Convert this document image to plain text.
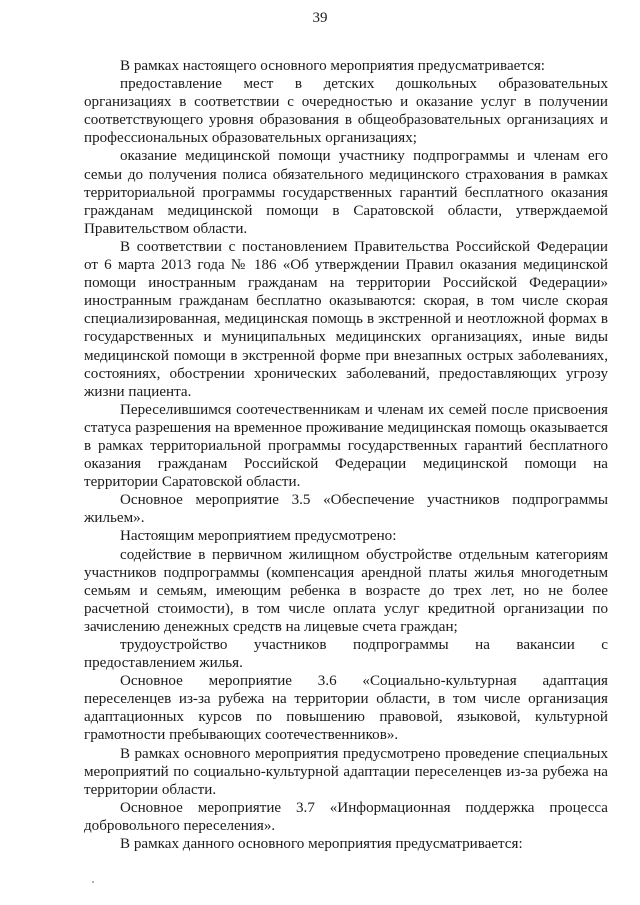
39

В рамках настоящего основного мероприятия предусматривается:

предоставление мест в детских дошкольных образовательных организациях в соответствии с очередностью и оказание услуг в получении соответствующего уровня образования в общеобразовательных организациях и профессиональных образовательных организациях;

оказание медицинской помощи участнику подпрограммы и членам его семьи до получения полиса обязательного медицинского страхования в рамках территориальной программы государственных гарантий бесплатного оказания гражданам медицинской помощи в Саратовской области, утверждаемой Правительством области.

В соответствии с постановлением Правительства Российской Федерации от 6 марта 2013 года № 186 «Об утверждении Правил оказания медицинской помощи иностранным гражданам на территории Российской Федерации» иностранным гражданам бесплатно оказываются: скорая, в том числе скорая специализированная, медицинская помощь в экстренной и неотложной формах в государственных и муниципальных медицинских организациях, иные виды медицинской помощи в экстренной форме при внезапных острых заболеваниях, состояниях, обострении хронических заболеваний, предоставляющих угрозу жизни пациента.

Переселившимся соотечественникам и членам их семей после присвоения статуса разрешения на временное проживание медицинская помощь оказывается в рамках территориальной программы государственных гарантий бесплатного оказания гражданам Российской Федерации медицинской помощи на территории Саратовской области.

Основное мероприятие 3.5 «Обеспечение участников подпрограммы жильем».

Настоящим мероприятием предусмотрено:

содействие в первичном жилищном обустройстве отдельным категориям участников подпрограммы (компенсация арендной платы жилья многодетным семьям и семьям, имеющим ребенка в возрасте до трех лет, но не более расчетной стоимости), в том числе оплата услуг кредитной организации по зачислению денежных средств на лицевые счета граждан;

трудоустройство участников подпрограммы на вакансии с предоставлением жилья.

Основное мероприятие 3.6 «Социально-культурная адаптация переселенцев из-за рубежа на территории области, в том числе организация адаптационных курсов по повышению правовой, языковой, культурной грамотности пребывающих соотечественников».

В рамках основного мероприятия предусмотрено проведение специальных мероприятий по социально-культурной адаптации переселенцев из-за рубежа на территории области.

Основное мероприятие 3.7 «Информационная поддержка процесса добровольного переселения».

В рамках данного основного мероприятия предусматривается:
